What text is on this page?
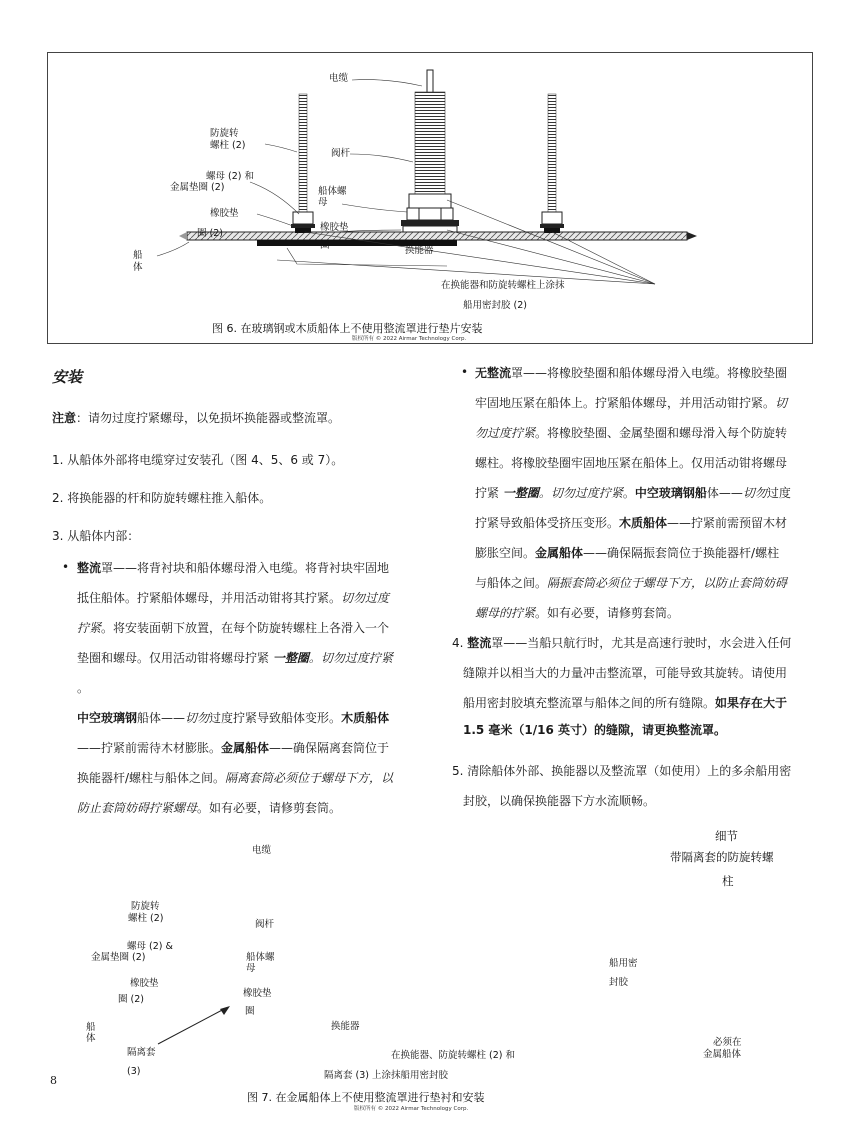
电缆
防旋转
螺柱 (2)
螺母 (2) 和
金属垫圈 (2)
橡胶垫
圈 (2)
阀杆
船体螺
母
橡胶垫
圈
船
体
换能器
在换能器和防旋转螺柱上涂抹
船用密封胶 (2)
图 6. 在玻璃钢或木质船体上不使用整流罩进行垫片安装
版权所有 © 2022 Airmar Technology Corp.
安装
注意：请勿过度拧紧螺母，以免损坏换能器或整流罩。
1. 从船体外部将电缆穿过安装孔（图 4、5、6 或 7）。
2. 将换能器的杆和防旋转螺柱推入船体。
3. 从船体内部：
• 整流罩——将背衬块和船体螺母滑入电缆。将背衬块牢固地
抵住船体。拧紧船体螺母，并用活动钳将其拧紧。切勿过度
拧紧。将安装面朝下放置，在每个防旋转螺柱上各滑入一个
垫圈和螺母。仅用活动钳将螺母拧紧 一整圈。切勿过度拧紧
。
中空玻璃钢船体——切勿过度拧紧导致船体变形。木质船体
——拧紧前需待木材膨胀。金属船体——确保隔离套筒位于
换能器杆/螺柱与船体之间。隔离套筒必须位于螺母下方，以
防止套筒妨碍拧紧螺母。如有必要，请修剪套筒。
• 无整流罩——将橡胶垫圈和船体螺母滑入电缆。将橡胶垫圈
牢固地压紧在船体上。拧紧船体螺母，并用活动钳拧紧。切
勿过度拧紧。将橡胶垫圈、金属垫圈和螺母滑入每个防旋转
螺柱。将橡胶垫圈牢固地压紧在船体上。仅用活动钳将螺母
拧紧 一整圈。切勿过度拧紧。中空玻璃钢船体——切勿过度
拧紧导致船体受挤压变形。木质船体——拧紧前需预留木材
膨胀空间。金属船体——确保隔振套筒位于换能器杆/螺柱
与船体之间。隔振套筒必须位于螺母下方，以防止套筒妨碍
螺母的拧紧。如有必要，请修剪套筒。
4. 整流罩——当船只航行时，尤其是高速行驶时，水会进入任何
缝隙并以相当大的力量冲击整流罩，可能导致其旋转。请使用
船用密封胶填充整流罩与船体之间的所有缝隙。如果存在大于
1.5 毫米（1/16 英寸）的缝隙，请更换整流罩。
5. 清除船体外部、换能器以及整流罩（如使用）上的多余船用密
封胶，以确保换能器下方水流顺畅。
电缆
防旋转
螺柱 (2)
螺母 (2) &
金属垫圈 (2)
橡胶垫
圈 (2)
船
体
隔离套
(3)
阀杆
船体螺
母
橡胶垫
圈
换能器
在换能器、防旋转螺柱 (2) 和
隔离套 (3) 上涂抹船用密封胶
细节
带隔离套的防旋转螺
柱
船用密
封胶
必须在
金属船体
图 7. 在金属船体上不使用整流罩进行垫衬和安装
版权所有 © 2022 Airmar Technology Corp.
8
